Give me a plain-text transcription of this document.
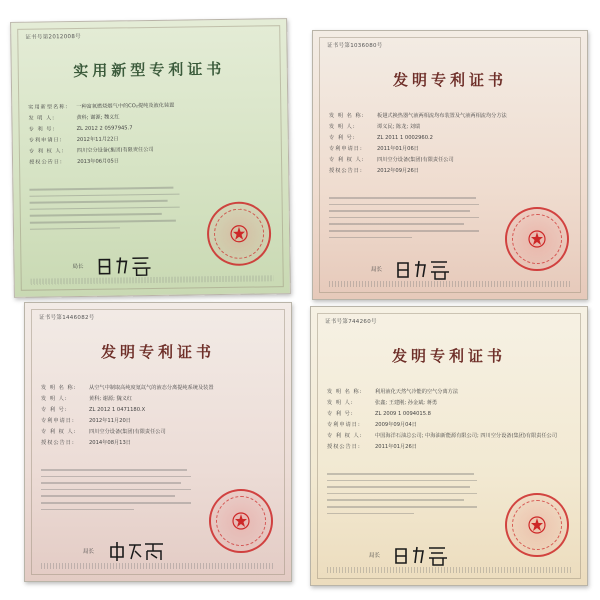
证书号第2012008号
实用新型专利证书
实用新型名称:	一种富氧燃烧烟气中的CO₂提纯及液化装置
发 明 人:	黄科; 谢源; 魏义红
专 利 号:	ZL 2012 2 0597945.7
专利申请日:	2012年11月22日
专 利 权 人:	四川空分设备(集团)有限责任公司
授权公告日:	2013年06月05日
局长
证书号第1036080号
发明专利证书
发 明 名 称:	板翅式换热器气液两相流均布装置及气液两相流均分方法
发 明 人:	谭义民; 陈龙; 刘瑞
专 利 号:	ZL 2011 1 0002960.2
专利申请日:	2011年01月06日
专 利 权 人:	四川空分设备(集团)有限责任公司
授权公告日:	2012年09月26日
局长
证书号第1446082号
发明专利证书
发 明 名 称:	从空气中制取高纯度氪氙气的液态分离提纯系统及装置
发 明 人:	黄科; 谢源; 魏义红
专 利 号:	ZL 2012 1 0471180.X
专利申请日:	2012年11月20日
专 利 权 人:	四川空分设备(集团)有限责任公司
授权公告日:	2014年08月13日
局长
证书号第744260号
发明专利证书
发 明 名 称:	利用液化天然气冷能的空气分离方法
发 明 人:	张鑫; 王建刚; 孙金斌; 蒋勇
专 利 号:	ZL 2009 1 0094015.8
专利申请日:	2009年09月04日
专 利 权 人:	中国海洋石油总公司; 中海油新能源有限公司; 四川空分设备(集团)有限责任公司
授权公告日:	2011年01月26日
局长
